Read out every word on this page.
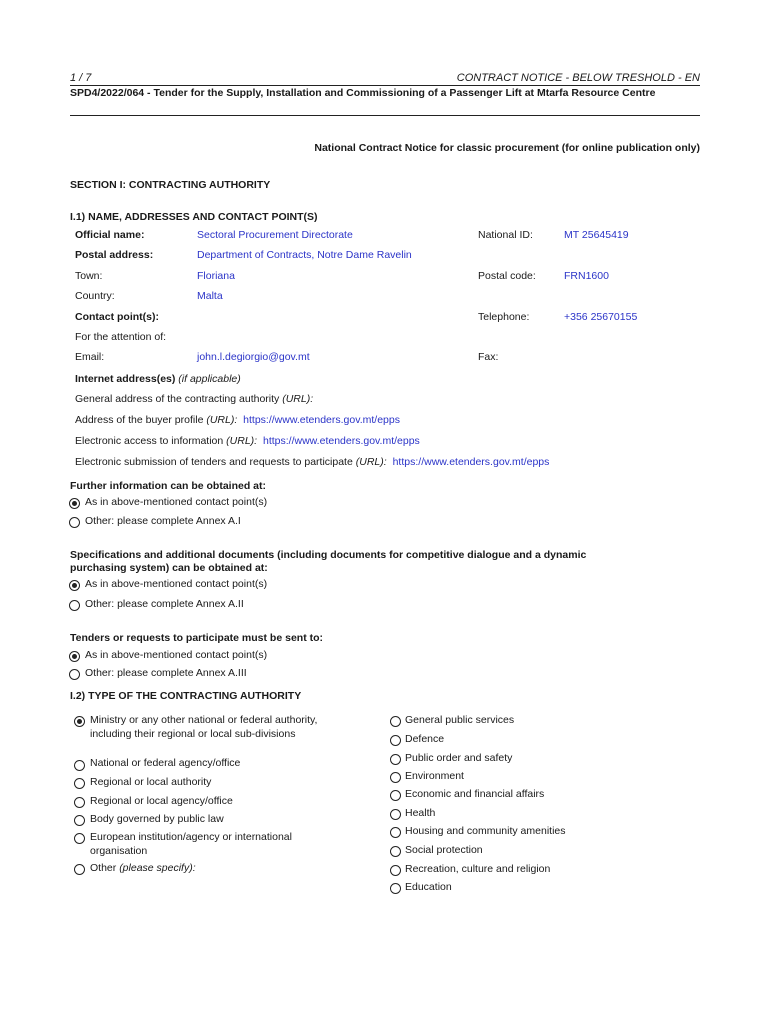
1 / 7	CONTRACT NOTICE - BELOW TRESHOLD - EN
SPD4/2022/064 - Tender for the Supply, Installation and Commissioning of a Passenger Lift at Mtarfa Resource Centre
National Contract Notice for classic procurement (for online publication only)
SECTION I: CONTRACTING AUTHORITY
I.1) NAME, ADDRESSES AND CONTACT POINT(S)
Official name:	Sectoral Procurement Directorate	National ID:	MT 25645419
Postal address:	Department of Contracts, Notre Dame Ravelin
Town:	Floriana	Postal code:	FRN1600
Country:	Malta
Contact point(s):	Telephone:	+356 25670155
For the attention of:
Email:	john.l.degiorgio@gov.mt	Fax:
Internet address(es) (if applicable)
General address of the contracting authority (URL):
Address of the buyer profile (URL): https://www.etenders.gov.mt/epps
Electronic access to information (URL): https://www.etenders.gov.mt/epps
Electronic submission of tenders and requests to participate (URL): https://www.etenders.gov.mt/epps
Further information can be obtained at:
As in above-mentioned contact point(s)
Other: please complete Annex A.I
Specifications and additional documents (including documents for competitive dialogue and a dynamic
purchasing system) can be obtained at:
As in above-mentioned contact point(s)
Other: please complete Annex A.II
Tenders or requests to participate must be sent to:
As in above-mentioned contact point(s)
Other: please complete Annex A.III
I.2) TYPE OF THE CONTRACTING AUTHORITY
Ministry or any other national or federal authority, including their regional or local sub-divisions
National or federal agency/office
Regional or local authority
Regional or local agency/office
Body governed by public law
European institution/agency or international organisation
Other (please specify):
General public services
Defence
Public order and safety
Environment
Economic and financial affairs
Health
Housing and community amenities
Social protection
Recreation, culture and religion
Education
